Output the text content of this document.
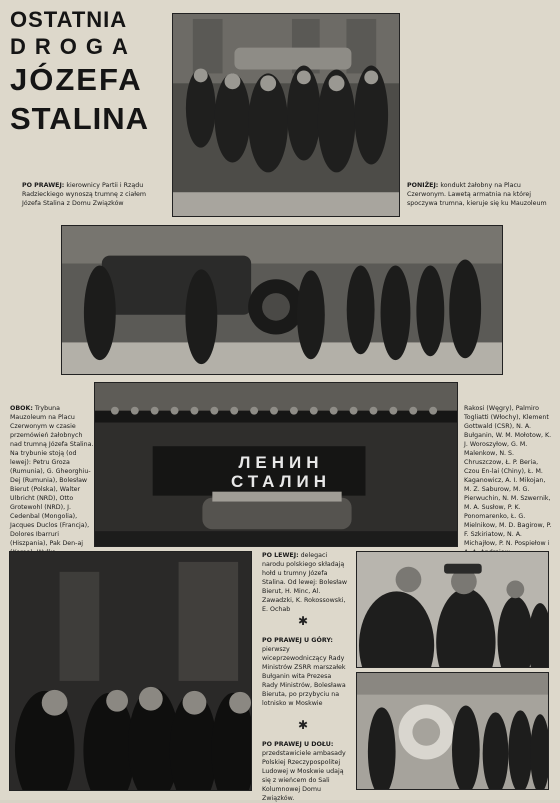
OSTATNIA
DROGA
JÓZEFA
STALINA
PO PRAWEJ: kierownicy Partii i Rządu Radzieckiego wynoszą trumnę z ciałem Józefa Stalina z Domu Związków
PONIŻEJ: kondukt żałobny na Placu Czerwonym. Lawetą armatnia na której spoczywa trumna, kieruje się ku Mauzoleum
ЛЕНИН
СТАЛИН
OBOK: Trybuna Mauzoleum na Placu Czerwonym w czasie przemówień żałobnych nad trumną Józefa Stalina. Na trybunie stoją (od lewej): Petru Groza (Rumunia), G. Gheorghiu-Dej (Rumunia), Bolesław Bierut (Polska), Walter Ulbricht (NRD), Otto Grotewohl (NRD), J. Cedenbal (Mongolia), Jacques Duclos (Francja), Dolores Ibarruri (Hiszpania), Pak Den-aj
Rakosi (Węgry), Palmiro Togliatti (Włochy), Klement Gottwald (CSR), N. A. Bułganin, W. M. Mołotow, K. J. Woroszyłow, G. M. Malenkow, N. S. Chruszczow, Ł. P. Beria, Czou En-lai (Chiny), Ł. M. Kaganowicz, A. I. Mikojan, M. Z. Saburow, M. G. Pierwuchin, N. M. Szwernik, M. A. Susłow, P. K. Ponomarenko, Ł. G. Mielnikow, M. D. Bagirow, P. F. Szkiriatow, N. A. Michajłow, P. N. Pospiełow i
PO LEWEJ: delegaci narodu polskiego składają hołd u trumny Józefa Stalina. Od lewej: Bolesław Bierut, H. Minc, Al. Zawadzki, K. Rokossowski, E. Ochab
✱
PO PRAWEJ U GÓRY: pierwszy wiceprzewodniczący Rady Ministrów ZSRR marszałek Bułganin wita Prezesa Rady Ministrów, Bolesława Bieruta, po przybyciu na lotnisko w Moskwie
✱
PO PRAWEJ U DOŁU: przedstawiciele ambasady Polskiej Rzeczypospolitej Ludowej w Moskwie udają się z wieńcem do Sali Kolumnowej Domu Związków.
